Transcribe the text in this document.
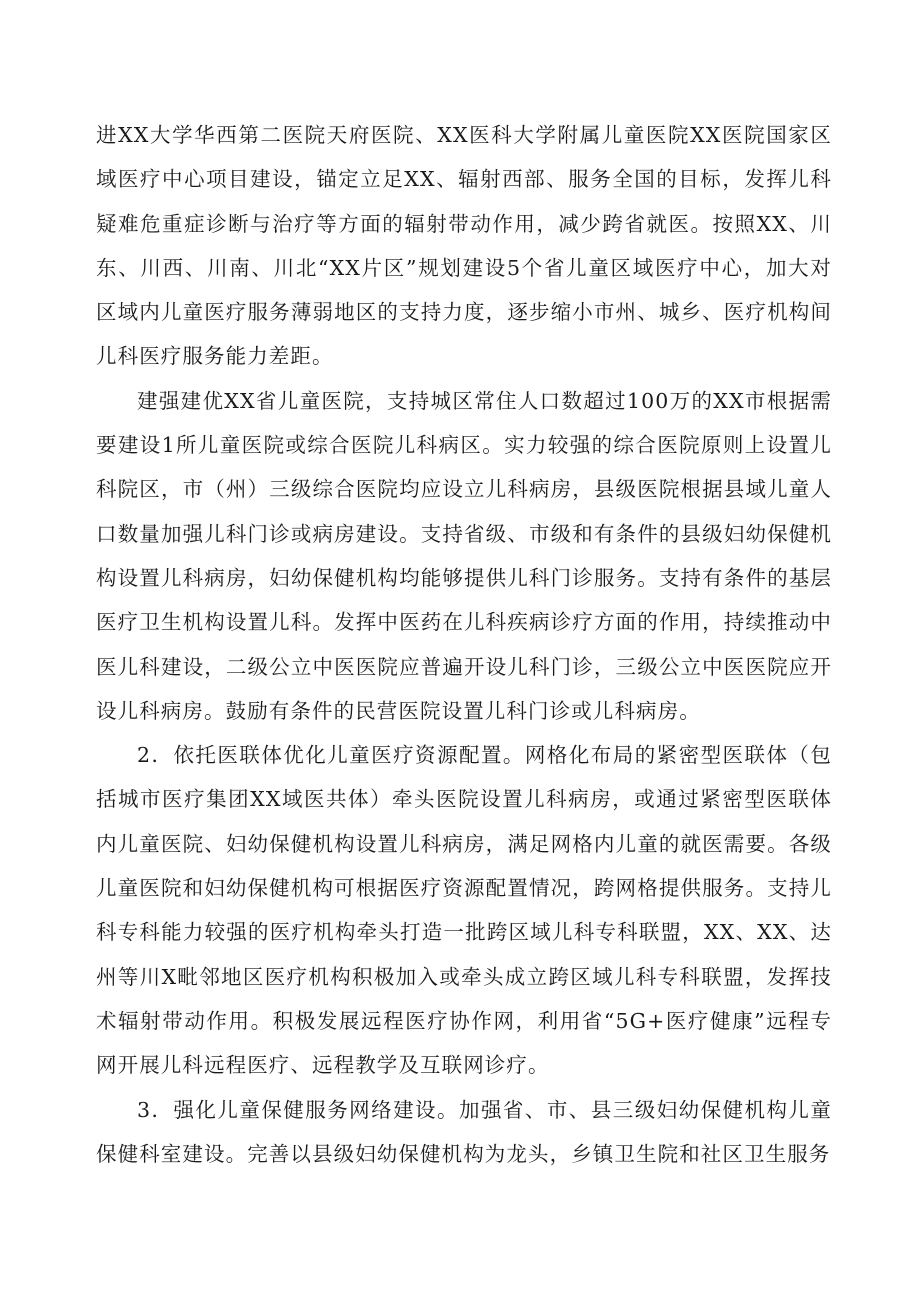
进XX大学华西第二医院天府医院、XX医科大学附属儿童医院XX医院国家区域医疗中心项目建设，锚定立足XX、辐射西部、服务全国的目标，发挥儿科疑难危重症诊断与治疗等方面的辐射带动作用，减少跨省就医。按照XX、川东、川西、川南、川北“XX片区”规划建设5个省儿童区域医疗中心，加大对区域内儿童医疗服务薄弱地区的支持力度，逐步缩小市州、城乡、医疗机构间儿科医疗服务能力差距。

建强建优XX省儿童医院，支持城区常住人口数超过100万的XX市根据需要建设1所儿童医院或综合医院儿科病区。实力较强的综合医院原则上设置儿科院区，市（州）三级综合医院均应设立儿科病房，县级医院根据县域儿童人口数量加强儿科门诊或病房建设。支持省级、市级和有条件的县级妇幼保健机构设置儿科病房，妇幼保健机构均能够提供儿科门诊服务。支持有条件的基层医疗卫生机构设置儿科。发挥中医药在儿科疾病诊疗方面的作用，持续推动中医儿科建设，二级公立中医医院应普遍开设儿科门诊，三级公立中医医院应开设儿科病房。鼓励有条件的民营医院设置儿科门诊或儿科病房。

2．依托医联体优化儿童医疗资源配置。网格化布局的紧密型医联体（包括城市医疗集团XX域医共体）牵头医院设置儿科病房，或通过紧密型医联体内儿童医院、妇幼保健机构设置儿科病房，满足网格内儿童的就医需要。各级儿童医院和妇幼保健机构可根据医疗资源配置情况，跨网格提供服务。支持儿科专科能力较强的医疗机构牵头打造一批跨区域儿科专科联盟，XX、XX、达州等川X毗邻地区医疗机构积极加入或牵头成立跨区域儿科专科联盟，发挥技术辐射带动作用。积极发展远程医疗协作网，利用省“5G+医疗健康”远程专网开展儿科远程医疗、远程教学及互联网诊疗。

3．强化儿童保健服务网络建设。加强省、市、县三级妇幼保健机构儿童保健科室建设。完善以县级妇幼保健机构为龙头，乡镇卫生院和社区卫生服务
